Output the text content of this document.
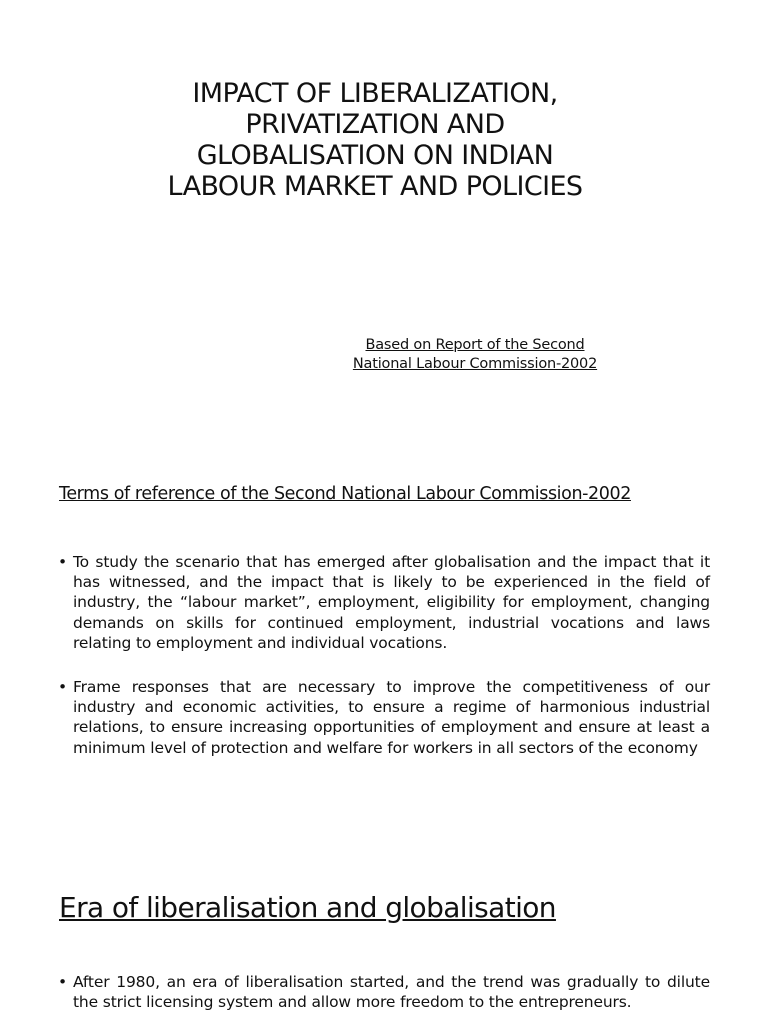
IMPACT OF LIBERALIZATION,
PRIVATIZATION AND
GLOBALISATION ON INDIAN
LABOUR MARKET AND POLICIES
Based on Report of the Second
National Labour Commission-2002
Terms of reference of the Second National Labour Commission-2002
• To study the scenario that has emerged after globalisation and the impact that it has witnessed, and the impact that is likely to be experienced in the field of industry, the “labour market”, employment, eligibility for employment, changing demands on skills for continued employment, industrial vocations and laws relating to employment and individual vocations.
• Frame responses that are necessary to improve the competitiveness of our industry and economic activities, to ensure a regime of harmonious industrial relations, to ensure increasing opportunities of employment and ensure at least a minimum level of protection and welfare for workers in all sectors of the economy
Era of liberalisation and globalisation
• After 1980, an era of liberalisation started, and the trend was gradually to dilute the strict licensing system and allow more freedom to the entrepreneurs.
